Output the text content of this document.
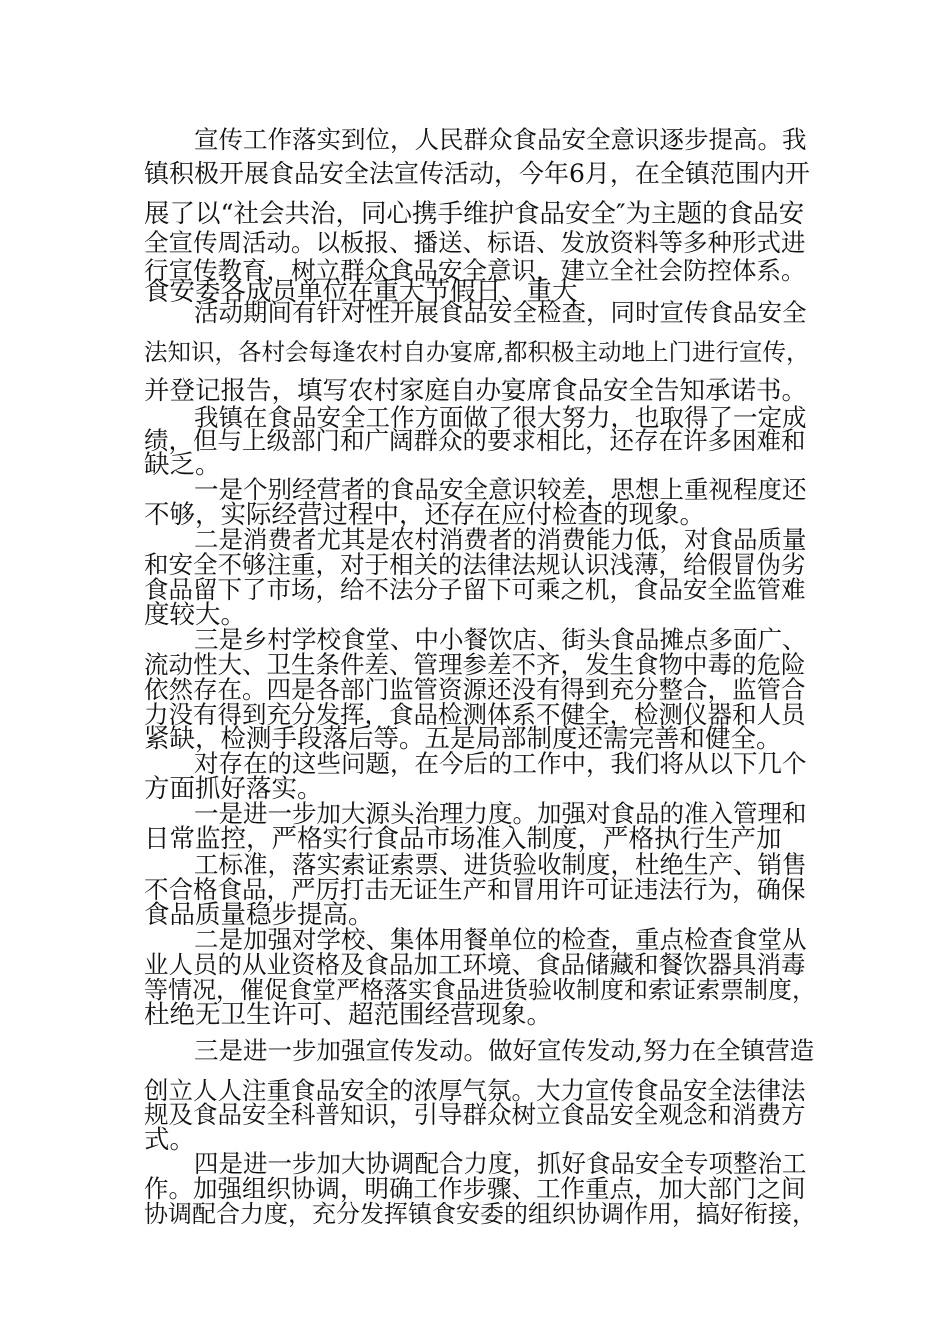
宣传工作落实到位，人民群众食品安全意识逐步提高。我
镇积极开展食品安全法宣传活动，今年6月，在全镇范围内开
展了以“社会共治，同心携手维护食品安全″为主题的食品安
全宣传周活动。以板报、播送、标语、发放资料等多种形式进
行宣传教育，树立群众食品安全意识，建立全社会防控体系。
食安委各成员单位在重大节假日、重大
活动期间有针对性开展食品安全检查，同时宣传食品安全
法知识，各村会每逢农村自办宴席,都积极主动地上门进行宣传，
并登记报告，填写农村家庭自办宴席食品安全告知承诺书。
我镇在食品安全工作方面做了很大努力，也取得了一定成
绩，但与上级部门和广阔群众的要求相比，还存在许多困难和
缺乏。
一是个别经营者的食品安全意识较差，思想上重视程度还
不够，实际经营过程中，还存在应付检查的现象。
二是消费者尤其是农村消费者的消费能力低，对食品质量
和安全不够注重，对于相关的法律法规认识浅薄，给假冒伪劣
食品留下了市场，给不法分子留下可乘之机，食品安全监管难
度较大。
三是乡村学校食堂、中小餐饮店、街头食品摊点多面广、
流动性大、卫生条件差、管理参差不齐，发生食物中毒的危险
依然存在。四是各部门监管资源还没有得到充分整合，监管合
力没有得到充分发挥，食品检测体系不健全，检测仪器和人员
紧缺，检测手段落后等。五是局部制度还需完善和健全。
对存在的这些问题，在今后的工作中，我们将从以下几个
方面抓好落实。
一是进一步加大源头治理力度。加强对食品的准入管理和
日常监控，严格实行食品市场准入制度，严格执行生产加
工标准，落实索证索票、进货验收制度，杜绝生产、销售
不合格食品，严厉打击无证生产和冒用许可证违法行为，确保
食品质量稳步提高。
二是加强对学校、集体用餐单位的检查，重点检查食堂从
业人员的从业资格及食品加工环境、食品储藏和餐饮器具消毒
等情况，催促食堂严格落实食品进货验收制度和索证索票制度，
杜绝无卫生许可、超范围经营现象。
三是进一步加强宣传发动。做好宣传发动,努力在全镇营造
创立人人注重食品安全的浓厚气氛。大力宣传食品安全法律法
规及食品安全科普知识，引导群众树立食品安全观念和消费方
式。
四是进一步加大协调配合力度，抓好食品安全专项整治工
作。加强组织协调，明确工作步骤、工作重点，加大部门之间
协调配合力度，充分发挥镇食安委的组织协调作用，搞好衔接，
